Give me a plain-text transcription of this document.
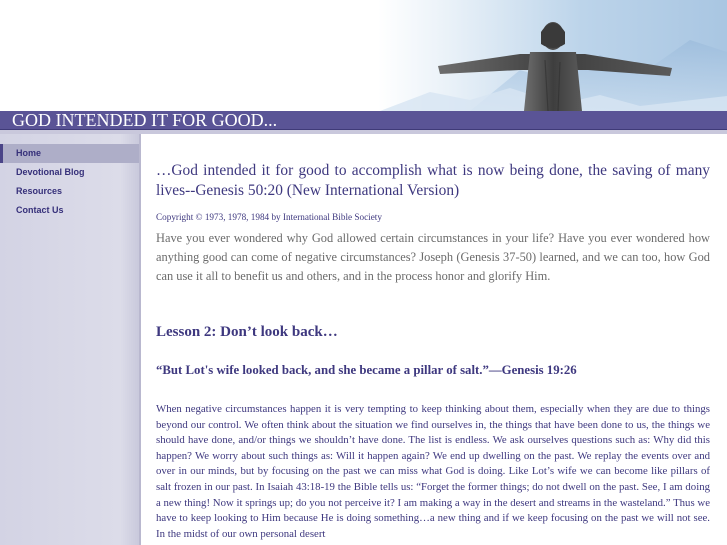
GOD INTENDED IT FOR GOOD...
Home
Devotional Blog
Resources
Contact Us

…God intended it for good to accomplish what is now being done, the saving of many lives--Genesis 50:20 (New International Version)

Copyright © 1973, 1978, 1984 by International Bible Society

Have you ever wondered why God allowed certain circumstances in your life? Have you ever wondered how anything good can come of negative circumstances? Joseph (Genesis 37-50) learned, and we can too, how God can use it all to benefit us and others, and in the process honor and glorify Him.

Lesson 2: Don’t look back…

“But Lot's wife looked back, and she became a pillar of salt.”—Genesis 19:26

When negative circumstances happen it is very tempting to keep thinking about them, especially when they are due to things beyond our control. We often think about the situation we find ourselves in, the things that have been done to us, the things we should have done, and/or things we shouldn’t have done. The list is endless. We ask ourselves questions such as: Why did this happen? We worry about such things as: Will it happen again? We end up dwelling on the past. We replay the events over and over in our minds, but by focusing on the past we can miss what God is doing. Like Lot’s wife we can become like pillars of salt frozen in our past. In Isaiah 43:18-19 the Bible tells us: “Forget the former things; do not dwell on the past. See, I am doing a new thing! Now it springs up; do you not perceive it? I am making a way in the desert and streams in the wasteland.” Thus we have to keep looking to Him because He is doing something…a new thing and if we keep focusing on the past we will not see. In the midst of our own personal desert
